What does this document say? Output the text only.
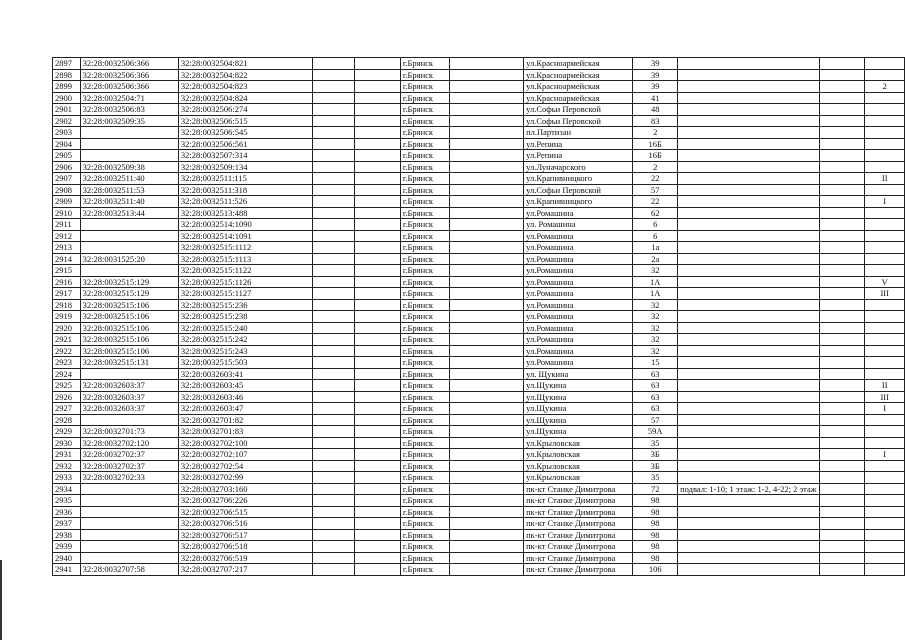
2897	32:28:0032506:366	32:28:0032504:821			г.Брянск		ул.Красноармейская	39			
2898	32:28:0032506:366	32:28:0032504:822			г.Брянск		ул.Красноармейская	39			
2899	32:28:0032506:366	32:28:0032504:823			г.Брянск		ул.Красноармейская	39			2
2900	32:28:0032504:71	32:28:0032504:824			г.Брянск		ул.Красноармейская	41			
2901	32:28:0032506:83	32:28:0032506:274			г.Брянск		ул.Софьи Перовской	48			
2902	32:28:0032509:35	32:28:0032506:515			г.Брянск		ул.Софьи Перовской	83			
2903		32:28:0032506:545			г.Брянск		пл.Партизан	2			
2904		32:28:0032506:561			г.Брянск		ул.Репина	16Б			
2905		32:28:0032507:314			г.Брянск		ул.Репина	16Б			
2906	32:28:0032509:38	32:28:0032509:134			г.Брянск		ул.Луначарского	2			
2907	32:28:0032511:40	32:28:0032511:115			г.Брянск		ул.Крапивницкого	22			II
2908	32:28:0032511:53	32:28:0032511:318			г.Брянск		ул.Софьи Перовской	57			
2909	32:28:0032511:40	32:28:0032511:526			г.Брянск		ул.Крапивницкого	22			I
2910	32:28:0032513:44	32:28:0032513:488			г.Брянск		ул.Ромашина	62			
2911		32:28:0032514:1090			г.Брянск		ул. Ромашина	6			
2912		32:28:0032514:1091			г.Брянск		ул.Ромашина	6			
2913		32:28:0032515:1112			г.Брянск		ул.Ромашина	1а			
2914	32:28:0031525:20	32:28:0032515:1113			г.Брянск		ул.Ромашина	2а			
2915		32:28:0032515:1122			г.Брянск		ул.Ромашина	32			
2916	32:28:0032515:129	32:28:0032515:1126			г.Брянск		ул.Ромашина	1А			V
2917	32:28:0032515:129	32:28:0032515:1127			г.Брянск		ул.Ромашина	1А			III
2918	32:28:0032515:106	32:28:0032515:236			г.Брянск		ул.Ромашина	32			
2919	32:28:0032515:106	32:28:0032515:238			г.Брянск		ул.Ромашина	32			
2920	32:28:0032515:106	32:28:0032515:240			г.Брянск		ул.Ромашина	32			
2921	32:28:0032515:106	32:28:0032515:242			г.Брянск		ул.Ромашина	32			
2922	32:28:0032515:106	32:28:0032515:243			г.Брянск		ул.Ромашина	32			
2923	32:28:0032515:131	32:28:0032515:503			г.Брянск		ул.Ромашина	15			
2924		32:28:0032603:41			г.Брянск		ул. Щукина	63			
2925	32:28:0032603:37	32:28:0032603:45			г.Брянск		ул.Щукина	63			II
2926	32:28:0032603:37	32:28:0032603:46			г.Брянск		ул.Щукина	63			III
2927	32:28:0032603:37	32:28:0032603:47			г.Брянск		ул.Щукина	63			I
2928		32:28:0032701:82			г.Брянск		ул.Щукина	57			
2929	32:28:0032701:73	32:28:0032701:83			г.Брянск		ул.Щукина	59А			
2930	32:28:0032702:120	32:28:0032702:100			г.Брянск		ул.Крыловская	35			
2931	32:28:0032702:37	32:28:0032702:107			г.Брянск		ул.Крыловская	3Б			I
2932	32:28:0032702:37	32:28:0032702:54			г.Брянск		ул.Крыловская	3Б			
2933	32:28:0032702:33	32:28:0032702:99			г.Брянск		ул.Крыловская	35			
2934		32:28:0032703:160			г.Брянск		пк-кт Станке Димитрова	72	подвал: 1-10; 1 этаж: 1-2, 4-22; 2 этаж		
2935		32:28:0032706:226			г.Брянск		пк-кт Станке Димитрова	98			
2936		32:28:0032706:515			г.Брянск		пк-кт Станке Димитрова	98			
2937		32:28:0032706:516			г.Брянск		пк-кт Станке Димитрова	98			
2938		32:28:0032706:517			г.Брянск		пк-кт Станке Димитрова	98			
2939		32:28:0032706:518			г.Брянск		пк-кт Станке Димитрова	98			
2940		32:28:0032706:519			г.Брянск		пк-кт Станке Димитрова	98			
2941	32:28:0032707:58	32:28:0032707:217			г.Брянск		пк-кт Станке Димитрова	106			
